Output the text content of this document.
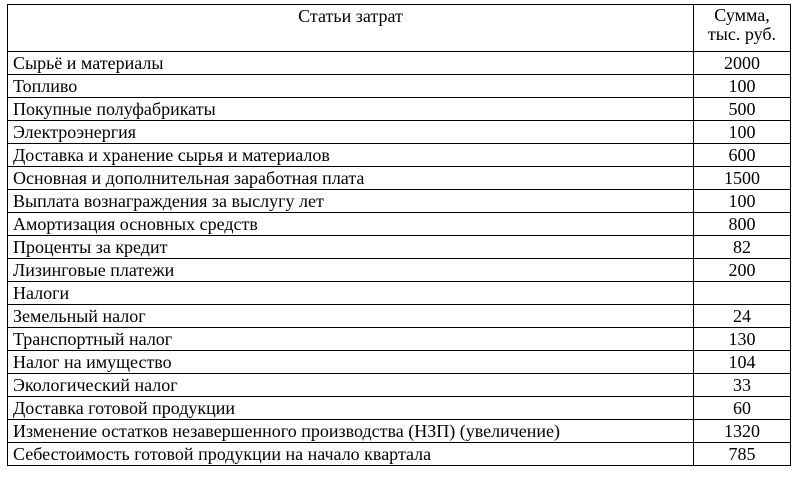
Статьи затрат	Сумма,
тыс. руб.
Сырьё и материалы	2000
Топливо	100
Покупные полуфабрикаты	500
Электроэнергия	100
Доставка и хранение сырья и материалов	600
Основная и дополнительная заработная плата	1500
Выплата вознаграждения за выслугу лет	100
Амортизация основных средств	800
Проценты за кредит	82
Лизинговые платежи	200
Налоги	
Земельный налог	24
Транспортный налог	130
Налог на имущество	104
Экологический налог	33
Доставка готовой продукции	60
Изменение остатков незавершенного производства (НЗП) (увеличение)	1320
Себестоимость готовой продукции на начало квартала	785
